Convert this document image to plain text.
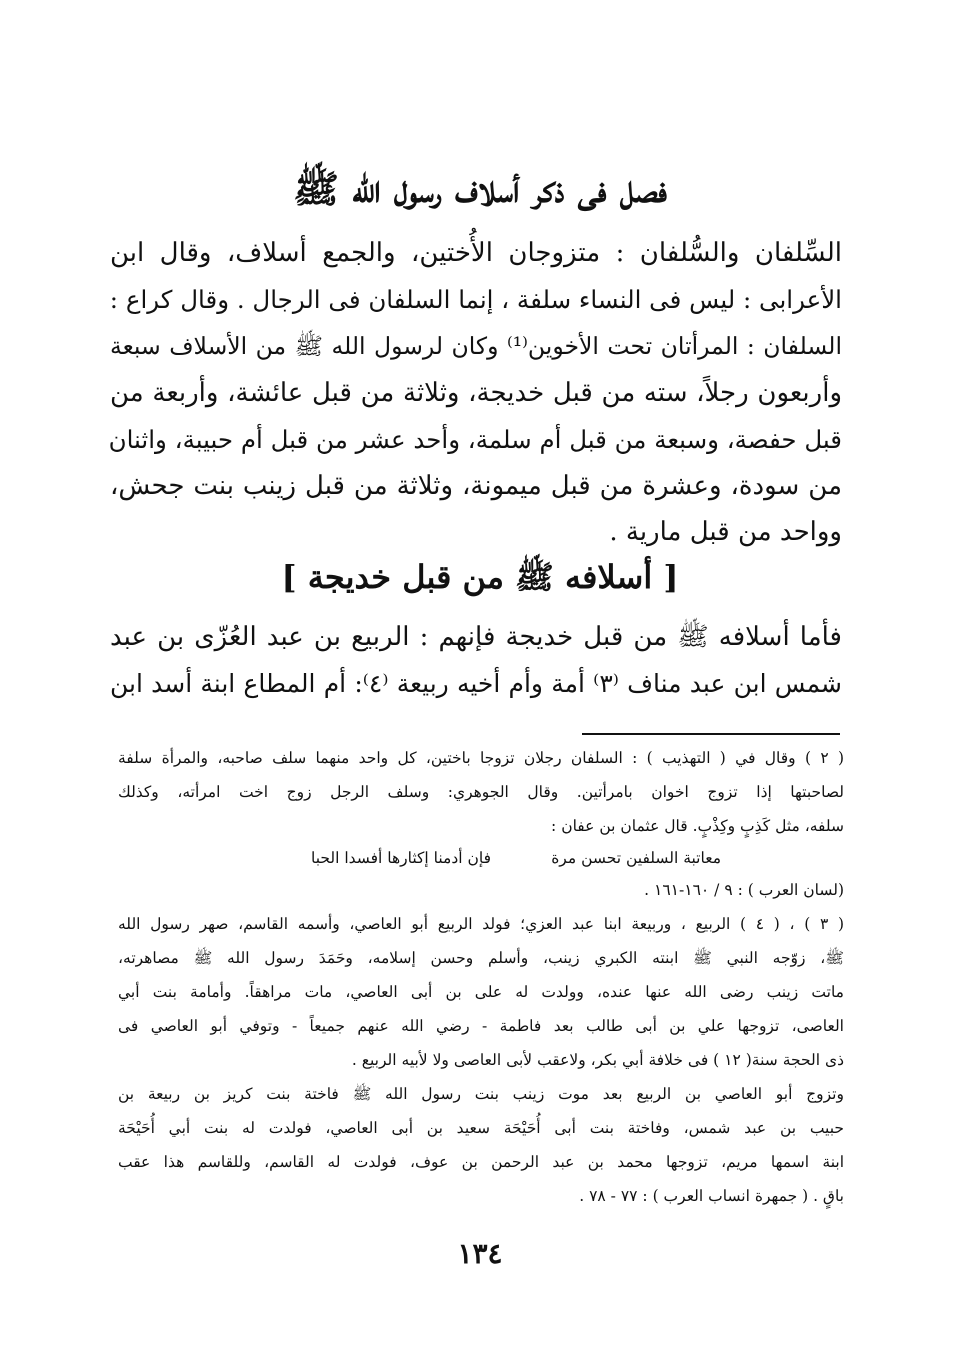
فصل فى ذكر أسلاف رسول الله ﷺ
السِّلفان والسُّلفان : متزوجان الأُختين، والجمع أسلاف، وقال ابن
الأعرابى : ليس فى النساء سلفة ، إنما السلفان فى الرجال . وقال كراع :
السلفان : المرأتان تحت الأخوين⁽¹⁾ وكان لرسول الله ﷺ من الأسلاف سبعة
وأربعون رجلاً، سته من قبل خديجة، وثلاثة من قبل عائشة، وأربعة من
قبل حفصة، وسبعة من قبل أم سلمة، وأحد عشر من قبل أم حبيبة، واثنان
من سودة، وعشرة من قبل ميمونة، وثلاثة من قبل زينب بنت جحش،
وواحد من قبل مارية .
[ أسلافه ﷺ من قبل خديجة ]
فأما أسلافه ﷺ من قبل خديجة فإنهم : الربيع بن عبد العُزّى بن عبد
شمس ابن عبد مناف ⁽٣⁾ أمة وأم أخيه ربيعة ⁽٤⁾: أم المطاع ابنة أسد ابن
( ٢ ) وقال في ( التهذيب ) : السلفان رجلان تزوجا باختين، كل واحد منهما سلف صاحبه، والمرأة سلفة
لصاحبتها إذا تزوج اخوان بامرأتين. وقال الجوهري: وسلف الرجل زوج اخت امرأته، وكذلك
سلفه، مثل كَذِبٍ وكِذْبٍ. قال عثمان بن عفان :
معاتبة السلفين تحسن مرة
فإن أدمنا إكثارها أفسدا الحبا
(لسان العرب ) : ٩ / ١٦٠-١٦١ .
( ٣ ) ، ( ٤ ) الربيع ، وربيعة ابنا عبد العزي؛ فولد الربيع أبو العاصي، وأسمه القاسم، صهر رسول الله
ﷺ، زوّجه النبي ﷺ ابنته الكبري زينب، وأسلم وحسن إسلامه، وحَمَدَ رسول الله ﷺ مصاهرته،
ماتت زينب رضى الله عنها عنده، وولدت له على بن أبى العاصي، مات مراهقاً. وأمامة بنت أبي
العاصى، تزوجها علي بن أبى طالب بعد فاطمة - رضي الله عنهم جميعاً - وتوفي أبو العاصي فى
ذى الحجة سنة( ١٢ ) فى خلافة أبي بكر، ولاعقب لأبى العاصى ولا لأبيه الربيع .
وتزوج أبو العاصي بن الربيع بعد موت زينب بنت رسول الله ﷺ فاختة بنت كريز بن ربيعة بن
حبيب بن عبد شمس، وفاختة بنت أبى أُحَيْحَة سعيد بن أبى العاصي، فولدت له بنت أبي أُحَيْحَة
ابنة اسمها مريم، تزوجها محمد بن عبد الرحمن بن عوف، فولدت له القاسم، وللقاسم هذا عقب
باقٍ . ( جمهرة انساب العرب ) : ٧٧ - ٧٨ .
١٣٤
